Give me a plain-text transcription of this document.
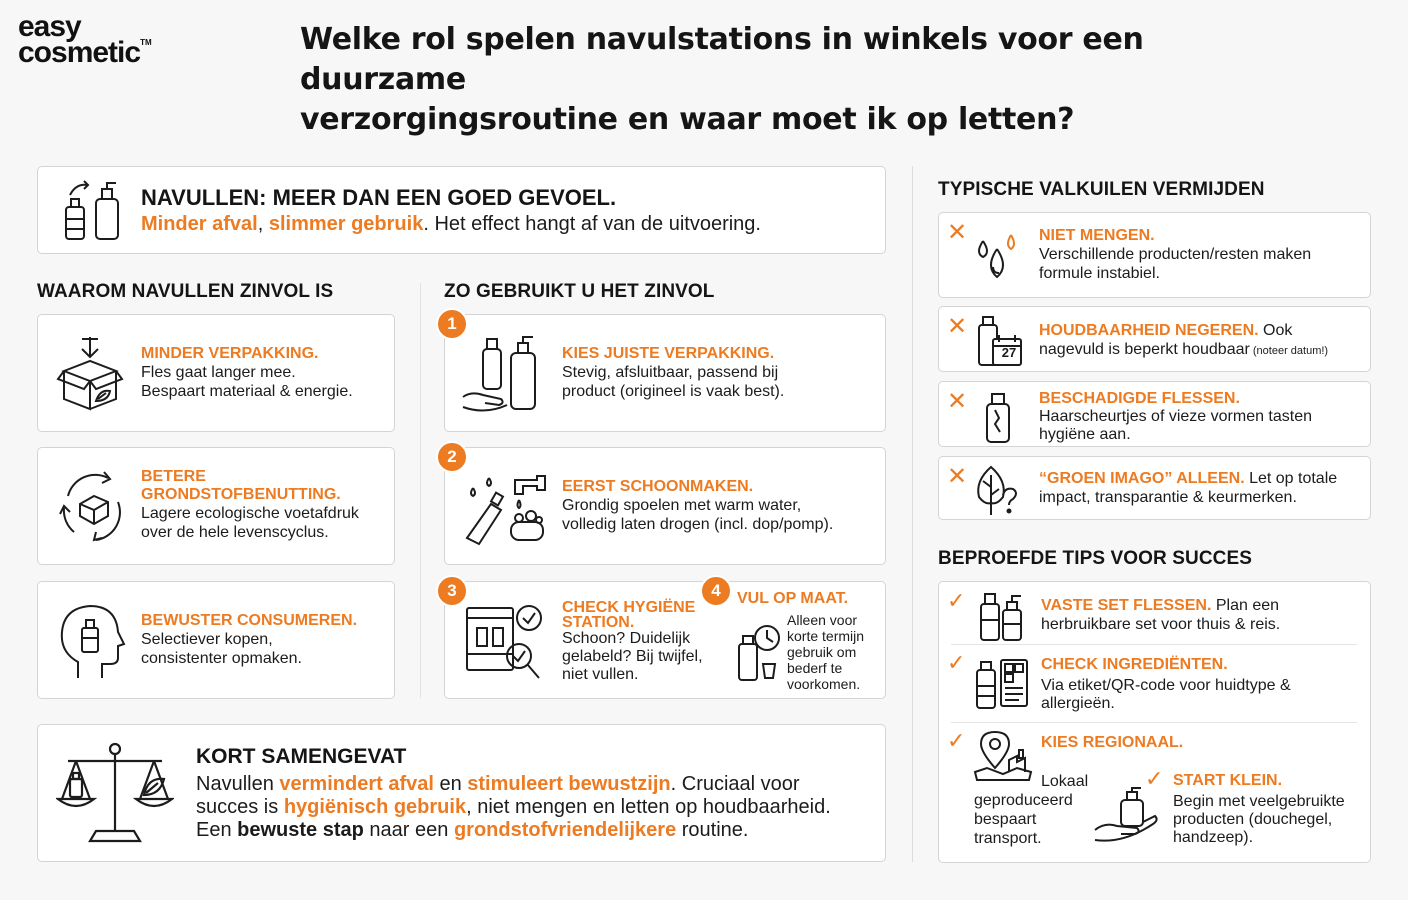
easy
cosmetic™	Welke rol spelen navulstations in winkels voor een duurzame
verzorgingsroutine en waar moet ik op letten?
NAVULLEN: MEER DAN EEN GOED GEVOEL.
Minder afval, slimmer gebruik. Het effect hangt af van de uitvoering.
WAAROM NAVULLEN ZINVOL IS
MINDER VERPAKKING.
Fles gaat langer mee.
Bespaart materiaal & energie.
BETERE
GRONDSTOFBENUTTING.
Lagere ecologische voetafdruk
over de hele levenscyclus.
BEWUSTER CONSUMEREN.
Selectiever kopen,
consistenter opmaken.
ZO GEBRUIKT U HET ZINVOL
KIES JUISTE VERPAKKING.
Stevig, afsluitbaar, passend bij
product (origineel is vaak best).
1
EERST SCHOONMAKEN.
Grondig spoelen met warm water,
volledig laten drogen (incl. dop/pomp).
2
CHECK HYGIËNE
STATION.
Schoon? Duidelijk
gelabeld? Bij twijfel,
niet vullen.
VUL OP MAAT.
Alleen voor
korte termijn
gebruik om
bederf te
voorkomen.
3	4
KORT SAMENGEVAT
Navullen vermindert afval en stimuleert bewustzijn. Cruciaal voor
succes is hygiënisch gebruik, niet mengen en letten op houdbaarheid.
Een bewuste stap naar een grondstofvriendelijkere routine.
TYPISCHE VALKUILEN VERMIJDEN
✕	NIET MENGEN.
Verschillende producten/resten maken
formule instabiel.
✕
27
HOUDBAARHEID NEGEREN. Ook
nagevuld is beperkt houdbaar (noteer datum!)
✕	BESCHADIGDE FLESSEN.
Haarscheurtjes of vieze vormen tasten
hygiëne aan.
✕	“GROEN IMAGO” ALLEEN. Let op totale
impact, transparantie & keurmerken.
BEPROEFDE TIPS VOOR SUCCES
✓	VASTE SET FLESSEN. Plan een
herbruikbare set voor thuis & reis.
✓	CHECK INGREDIËNTEN.
Via etiket/QR-code voor huidtype &
allergieën.
✓	KIES REGIONAAL.
Lokaal
geproduceerd
bespaart
transport.
✓ START KLEIN.
Begin met veelgebruikte
producten (douchegel,
handzeep).
